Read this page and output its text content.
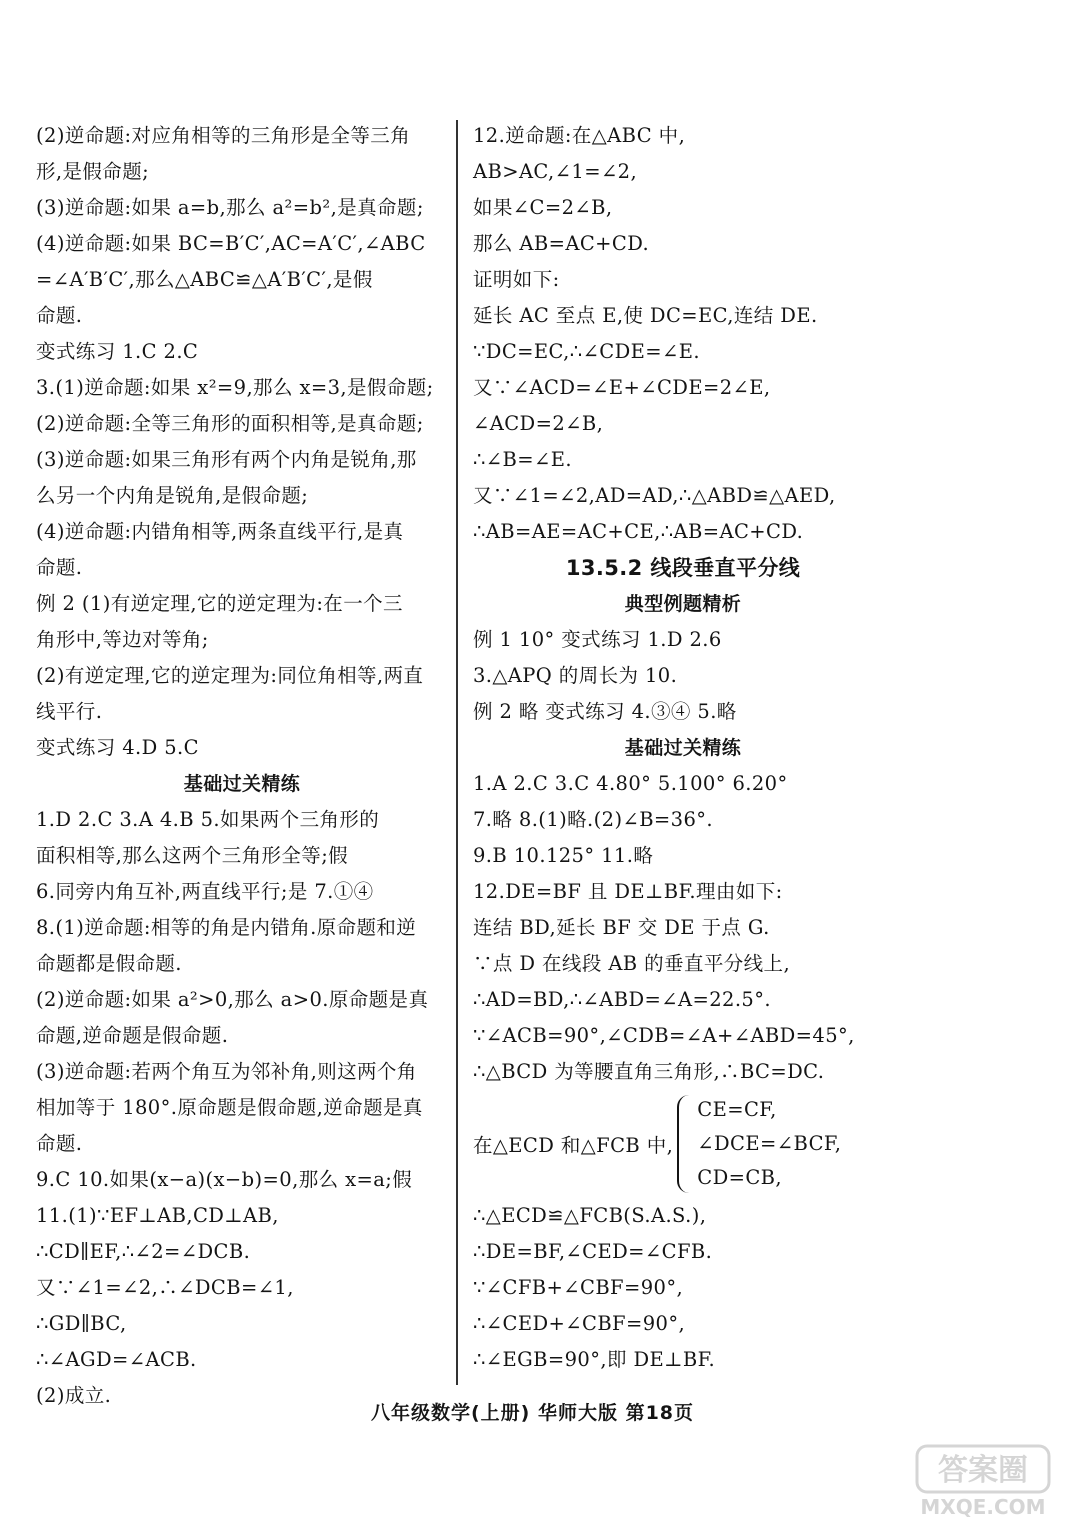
(2)逆命题:对应角相等的三角形是全等三角
形,是假命题;
(3)逆命题:如果 a=b,那么 a²=b²,是真命题;
(4)逆命题:如果 BC=B′C′,AC=A′C′,∠ABC
=∠A′B′C′,那么△ABC≌△A′B′C′,是假
命题.
变式练习 1.C 2.C
3.(1)逆命题:如果 x²=9,那么 x=3,是假命题;
(2)逆命题:全等三角形的面积相等,是真命题;
(3)逆命题:如果三角形有两个内角是锐角,那
么另一个内角是锐角,是假命题;
(4)逆命题:内错角相等,两条直线平行,是真
命题.
例 2 (1)有逆定理,它的逆定理为:在一个三
角形中,等边对等角;
(2)有逆定理,它的逆定理为:同位角相等,两直
线平行.
变式练习 4.D 5.C
基础过关精练
1.D 2.C 3.A 4.B 5.如果两个三角形的
面积相等,那么这两个三角形全等;假
6.同旁内角互补,两直线平行;是 7.①④
8.(1)逆命题:相等的角是内错角.原命题和逆
命题都是假命题.
(2)逆命题:如果 a²>0,那么 a>0.原命题是真
命题,逆命题是假命题.
(3)逆命题:若两个角互为邻补角,则这两个角
相加等于 180°.原命题是假命题,逆命题是真
命题.
9.C 10.如果(x−a)(x−b)=0,那么 x=a;假
11.(1)∵EF⊥AB,CD⊥AB,
∴CD∥EF,∴∠2=∠DCB.
又∵∠1=∠2,∴∠DCB=∠1,
∴GD∥BC,
∴∠AGD=∠ACB.
(2)成立.
12.逆命题:在△ABC 中,
AB>AC,∠1=∠2,
如果∠C=2∠B,
那么 AB=AC+CD.
证明如下:
延长 AC 至点 E,使 DC=EC,连结 DE.
∵DC=EC,∴∠CDE=∠E.
又∵∠ACD=∠E+∠CDE=2∠E,
∠ACD=2∠B,
∴∠B=∠E.
又∵∠1=∠2,AD=AD,∴△ABD≌△AED,
∴AB=AE=AC+CE,∴AB=AC+CD.
13.5.2 线段垂直平分线
典型例题精析
例 1 10° 变式练习 1.D 2.6
3.△APQ 的周长为 10.
例 2 略 变式练习 4.③④ 5.略
基础过关精练
1.A 2.C 3.C 4.80° 5.100° 6.20°
7.略 8.(1)略.(2)∠B=36°.
9.B 10.125° 11.略
12.DE=BF 且 DE⊥BF.理由如下:
连结 BD,延长 BF 交 DE 于点 G.
∵点 D 在线段 AB 的垂直平分线上,
∴AD=BD,∴∠ABD=∠A=22.5°.
∵∠ACB=90°,∠CDB=∠A+∠ABD=45°,
∴△BCD 为等腰直角三角形,∴BC=DC.
在△ECD 和△FCB 中,
CE=CF,
∠DCE=∠BCF,
CD=CB,
∴△ECD≌△FCB(S.A.S.),
∴DE=BF,∠CED=∠CFB.
∵∠CFB+∠CBF=90°,
∴∠CED+∠CBF=90°,
∴∠EGB=90°,即 DE⊥BF.
八年级数学(上册) 华师大版 第18页
答案圈
MXQE.COM
